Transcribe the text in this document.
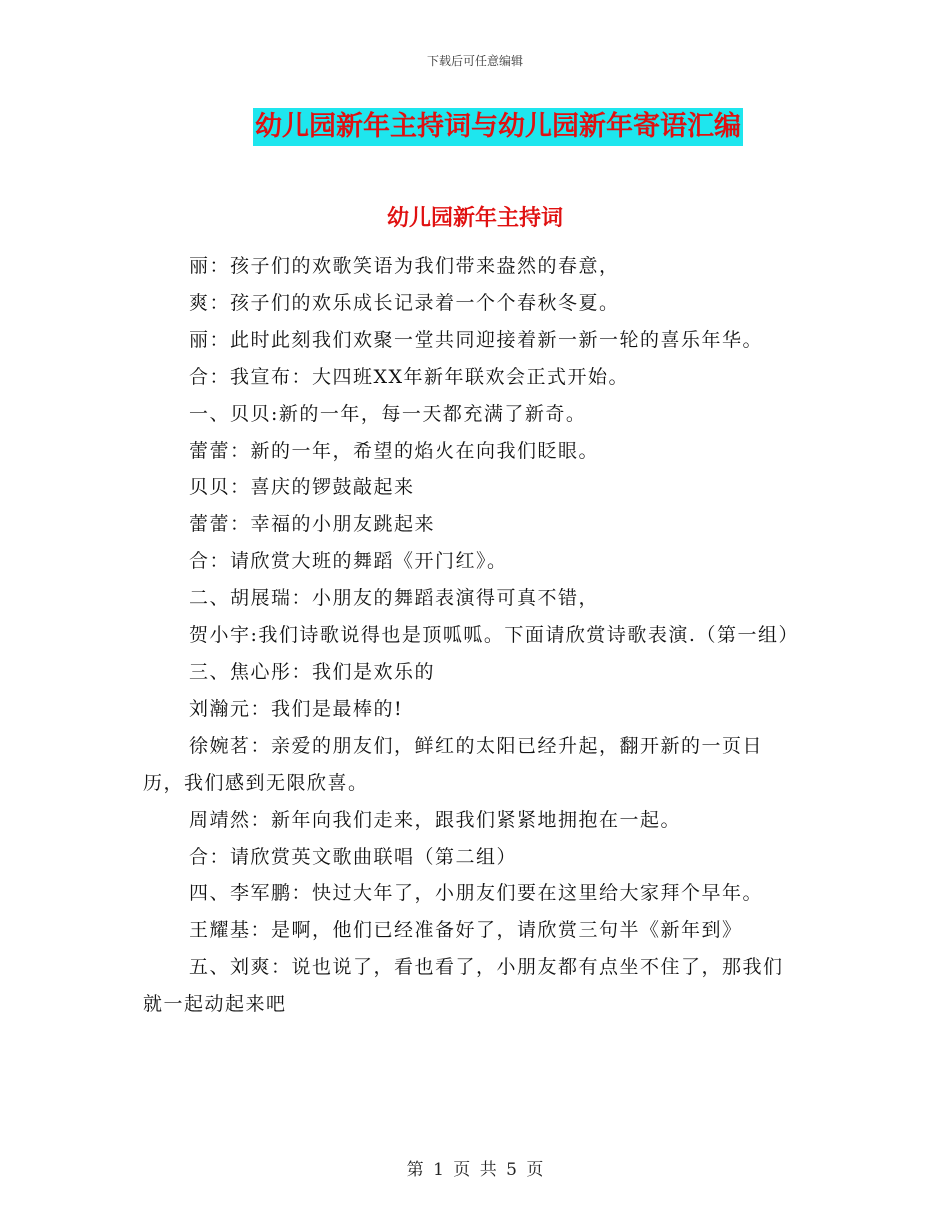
下载后可任意编辑
幼儿园新年主持词与幼儿园新年寄语汇编
幼儿园新年主持词

丽：孩子们的欢歌笑语为我们带来盎然的春意，

爽：孩子们的欢乐成长记录着一个个春秋冬夏。

丽：此时此刻我们欢聚一堂共同迎接着新一新一轮的喜乐年华。

合：我宣布：大四班XX年新年联欢会正式开始。

一、贝贝:新的一年，每一天都充满了新奇。

蕾蕾：新的一年，希望的焰火在向我们眨眼。

贝贝：喜庆的锣鼓敲起来

蕾蕾：幸福的小朋友跳起来

合：请欣赏大班的舞蹈《开门红》。

二、胡展瑞：小朋友的舞蹈表演得可真不错，

贺小宇:我们诗歌说得也是顶呱呱。下面请欣赏诗歌表演.（第一组）

三、焦心彤：我们是欢乐的

刘瀚元：我们是最棒的!

徐婉茗：亲爱的朋友们，鲜红的太阳已经升起，翻开新的一页日历，我们感到无限欣喜。

周靖然：新年向我们走来，跟我们紧紧地拥抱在一起。

合：请欣赏英文歌曲联唱（第二组）

四、李军鹏：快过大年了，小朋友们要在这里给大家拜个早年。

王耀基：是啊，他们已经准备好了，请欣赏三句半《新年到》

五、刘爽：说也说了，看也看了，小朋友都有点坐不住了，那我们就一起动起来吧

第 1 页 共 5 页
